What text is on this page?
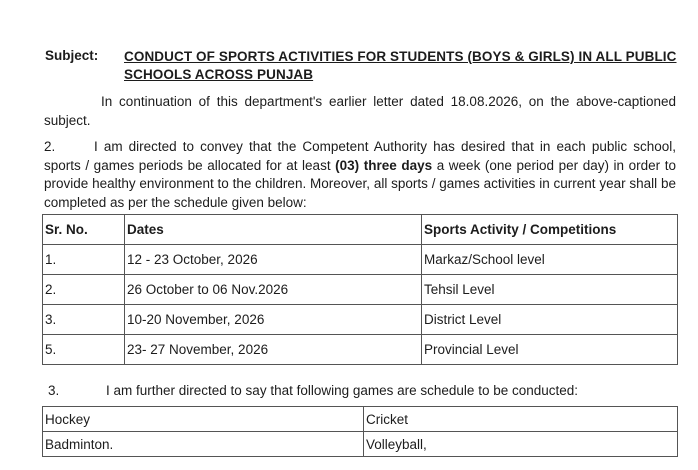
Subject: CONDUCT OF SPORTS ACTIVITIES FOR STUDENTS (BOYS & GIRLS) IN ALL PUBLIC SCHOOLS ACROSS PUNJAB
In continuation of this department's earlier letter dated 18.08.2026, on the above-captioned subject.
2.	I am directed to convey that the Competent Authority has desired that in each public school, sports / games periods be allocated for at least (03) three days a week (one period per day) in order to provide healthy environment to the children. Moreover, all sports / games activities in current year shall be completed as per the schedule given below:
Sr. No.	Dates	Sports Activity / Competitions
1.	12 - 23 October, 2026	Markaz/School level
2.	26 October to 06 Nov.2026	Tehsil Level
3.	10-20 November, 2026	District Level
5.	23- 27 November, 2026	Provincial Level
3.	I am further directed to say that following games are schedule to be conducted:
Hockey	Cricket
Badminton.	Volleyball,
